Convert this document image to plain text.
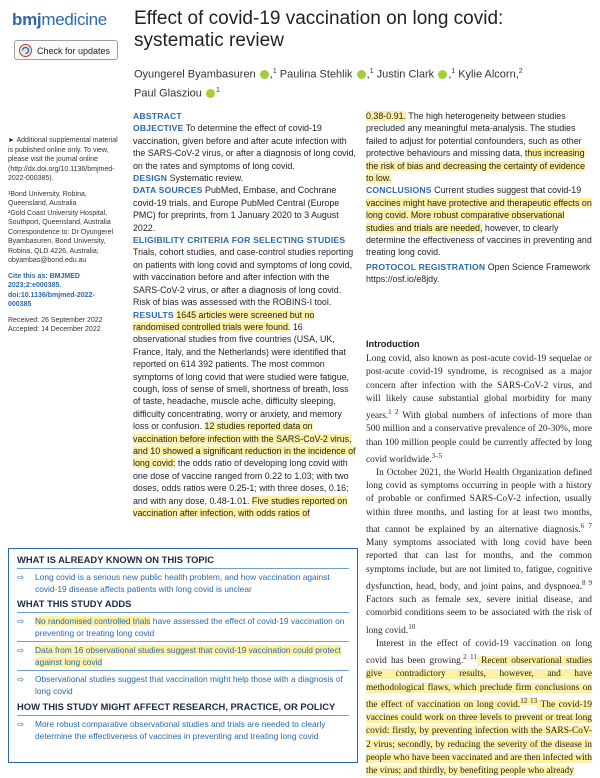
bmjmedicine
Check for updates
Effect of covid-19 vaccination on long covid: systematic review
Oyungerel Byambasuren ,$^1$ Paulina Stehlik ,$^1$ Justin Clark ,$^1$ Kylie Alcorn,$^2$
Paul Glasziou $^1$

► Additional supplemental material is published online only. To view, please visit the journal online (http://dx.doi.org/10.1136/bmjmed-2022-000385).

¹Bond University, Robina, Queensland, Australia

²Gold Coast University Hospital, Southport, Queensland, Australia

Correspondence to: Dr Oyungerel Byambasuren, Bond University, Robina, QLD 4226, Australia; obyambas@bond.edu.au

Cite this as: BMJMED 2023;2:e000385. doi:10.1136/bmjmed-2022-000385

Received: 26 September 2022

Accepted: 14 December 2022

ABSTRACT

OBJECTIVE To determine the effect of covid-19 vaccination, given before and after acute infection with the SARS-CoV-2 virus, or after a diagnosis of long covid, on the rates and symptoms of long covid.

DESIGN Systematic review.

DATA SOURCES PubMed, Embase, and Cochrane covid-19 trials, and Europe PubMed Central (Europe PMC) for preprints, from 1 January 2020 to 3 August 2022.

ELIGIBILITY CRITERIA FOR SELECTING STUDIES Trials, cohort studies, and case-control studies reporting on patients with long covid and symptoms of long covid, with vaccination before and after infection with the SARS-CoV-2 virus, or after a diagnosis of long covid. Risk of bias was assessed with the ROBINS-I tool.

RESULTS 1645 articles were screened but no randomised controlled trials were found. 16 observational studies from five countries (USA, UK, France, Italy, and the Netherlands) were identified that reported on 614 392 patients. The most common symptoms of long covid that were studied were fatigue, cough, loss of sense of smell, shortness of breath, loss of taste, headache, muscle ache, difficulty sleeping, difficulty concentrating, worry or anxiety, and memory loss or confusion. 12 studies reported data on vaccination before infection with the SARS-CoV-2 virus, and 10 showed a significant reduction in the incidence of long covid: the odds ratio of developing long covid with one dose of vaccine ranged from 0.22 to 1.03; with two doses, odds ratios were 0.25-1; with three doses, 0.16; and with any dose, 0.48-1.01. Five studies reported on vaccination after infection, with odds ratios of

0.38-0.91. The high heterogeneity between studies precluded any meaningful meta-analysis. The studies failed to adjust for potential confounders, such as other protective behaviours and missing data, thus increasing the risk of bias and decreasing the certainty of evidence to low.

CONCLUSIONS Current studies suggest that covid-19 vaccines might have protective and therapeutic effects on long covid. More robust comparative observational studies and trials are needed, however, to clearly determine the effectiveness of vaccines in preventing and treating long covid.

PROTOCOL REGISTRATION Open Science Framework https://osf.io/e8jdy.

Introduction

Long covid, also known as post-acute covid-19 sequelae or post-acute covid-19 syndrome, is recognised as a major concern after infection with the SARS-CoV-2 virus, and will likely cause substantial global morbidity for many years.$^{1 2}$ With global numbers of infections of more than 500 million and a conservative prevalence of 20-30%, more than 100 million people could be currently affected by long covid worldwide.$^{3-5}$

In October 2021, the World Health Organization defined long covid as symptoms occurring in people with a history of probable or confirmed SARS-CoV-2 infection, usually within three months, and lasting for at least two months, that cannot be explained by an alternative diagnosis.$^{6 7}$ Many symptoms associated with long covid have been reported that can last for months, and the common symptoms include, but are not limited to, fatigue, cognitive dysfunction, head, body, and joint pains, and dyspnoea.$^{8 9}$ Factors such as female sex, severe initial disease, and comorbid conditions seem to be associated with the risk of long covid.$^{10}$

Interest in the effect of covid-19 vaccination on long covid has been growing.$^{2 11}$ Recent observational studies give contradictory results, however, and have methodological flaws, which preclude firm conclusions on the effect of vaccination on long covid.$^{12 13}$ The covid-19 vaccines could work on three levels to prevent or treat long covid: firstly, by preventing infection with the SARS-CoV-2 virus; secondly, by reducing the severity of the disease in people who have been vaccinated and are then infected with the virus; and thirdly, by benefiting people who already

WHAT IS ALREADY KNOWN ON THIS TOPIC
⇨ Long covid is a serious new public health problem, and how vaccination against covid-19 disease affects patients with long covid is unclear
WHAT THIS STUDY ADDS
⇨ No randomised controlled trials have assessed the effect of covid-19 vaccination on preventing or treating long covid
⇨ Data from 16 observational studies suggest that covid-19 vaccination could protect against long covid
⇨ Observational studies suggest that vaccination might help those with a diagnosis of long covid
HOW THIS STUDY MIGHT AFFECT RESEARCH, PRACTICE, OR POLICY
⇨ More robust comparative observational studies and trials are needed to clearly determine the effectiveness of vaccines in preventing and treating long covid
